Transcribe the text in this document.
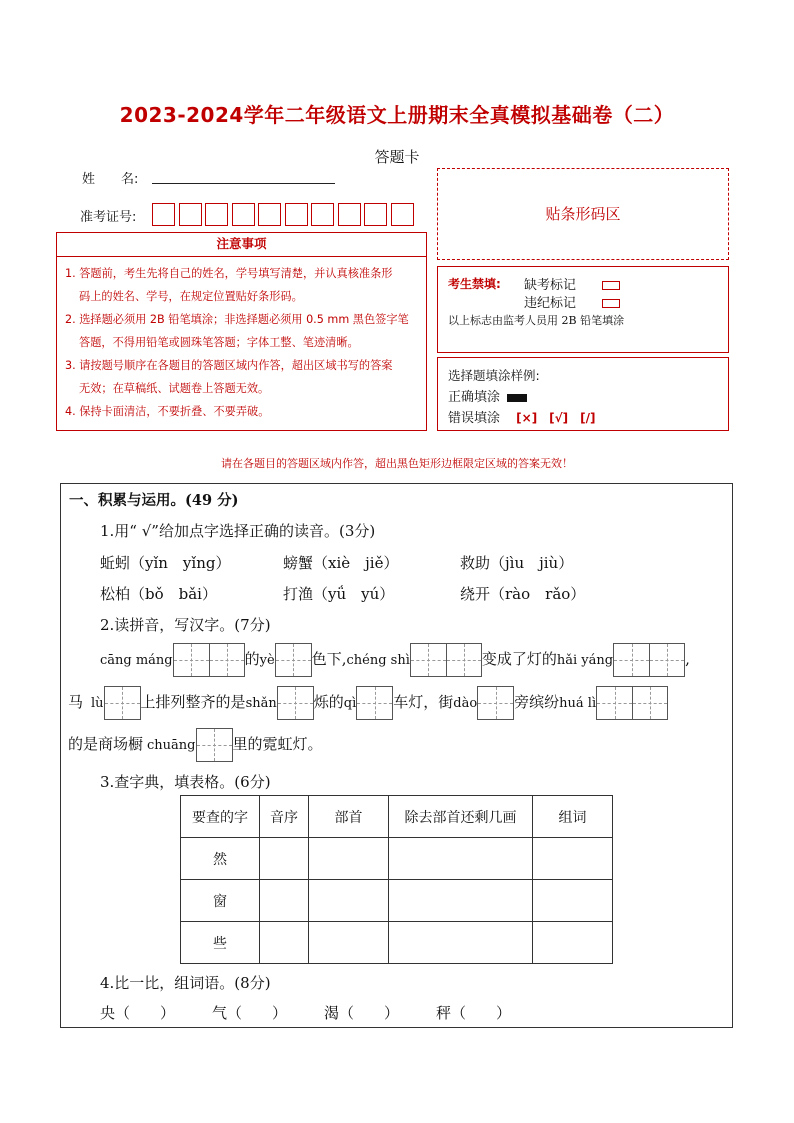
2023-2024学年二年级语文上册期末全真模拟基础卷（二）
答题卡
姓　　名:
准考证号:	贴条形码区
注意事项
1. 答题前，考生先将自己的姓名，学号填写清楚，并认真核准条形
码上的姓名、学号，在规定位置贴好条形码。
2. 选择题必须用 2B 铅笔填涂；非选择题必须用 0.5 mm 黑色签字笔
答题，不得用铅笔或圆珠笔答题；字体工整、笔迹清晰。
3. 请按题号顺序在各题目的答题区域内作答，超出区域书写的答案
无效；在草稿纸、试题卷上答题无效。
4. 保持卡面清洁，不要折叠、不要弄破。
考生禁填: 缺考标记
违纪标记
以上标志由监考人员用 2B 铅笔填涂
选择题填涂样例:
正确填涂
错误填涂 [×]　[√]　[/]
请在各题目的答题区域内作答，超出黑色矩形边框限定区域的答案无效！
一、积累与运用。(49 分)
1.用“ √”给加点字选择正确的读音。(3分)
蚯蚓（yǐn　yǐng）	螃蟹（xiè　jiě）	救助（jìu　jiù）
松柏（bǒ　bǎi）	打渔（yǘ　yú）	绕开（rào　rǎo）
2.读拼音，写汉字。(7分)
cāng máng	的yè 色下,chéng shì	变成了灯的hǎi yáng	,
马 lù 上排列整齐的是shǎn 烁的qì 车灯，街dào 旁缤纷huá lì
的是商场橱 chuāng 里的霓虹灯。
3.查字典，填表格。(6分)
要查的字	音序	部首	除去部首还剩几画	组词
然				
窗				
些				
4.比一比，组词语。(8分)
央（　　） 气（　　） 渴（　　） 秤（　　）
